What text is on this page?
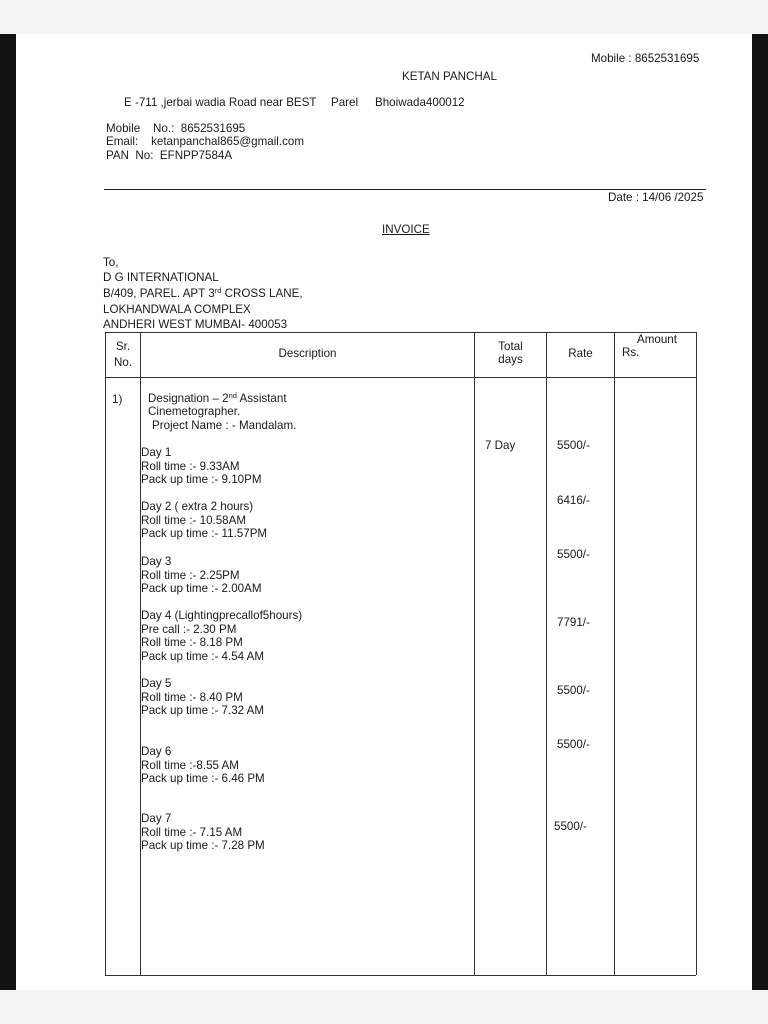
Mobile : 8652531695
KETAN PANCHAL
E -711 ,jerbai wadia Road near BEST Parel Bhoiwada400012
Mobile    No.:  8652531695
Email:    ketanpanchal865@gmail.com
PAN  No:  EFNPP7584A
Date : 14/06 /2025
INVOICE
To,
D G INTERNATIONAL
B/409, PAREL. APT 3rd CROSS LANE,
LOKHANDWALA COMPLEX
ANDHERI WEST MUMBAI- 400053
Sr.
No.
Description
Total
days	Rate
Amount
Rs.
1) Designation – 2nd Assistant
Cinemetographer.
Project Name : - Mandalam.
7 Day
Day 1
Roll time :- 9.33AM
Pack up time :- 9.10PM
5500/-
Day 2 ( extra 2 hours)
Roll time :- 10.58AM
Pack up time :- 11.57PM
6416/-
Day 3
Roll time :- 2.25PM
Pack up time :- 2.00AM
5500/-
Day 4 (Lightingprecallof5hours)
Pre call :- 2.30 PM
Roll time :- 8.18 PM
Pack up time :- 4.54 AM
7791/-
Day 5
Roll time :- 8.40 PM
Pack up time :- 7.32 AM
5500/-
Day 6
Roll time :-8.55 AM
Pack up time :- 6.46 PM
5500/-
Day 7
Roll time :- 7.15 AM
Pack up time :- 7.28 PM
5500/-
